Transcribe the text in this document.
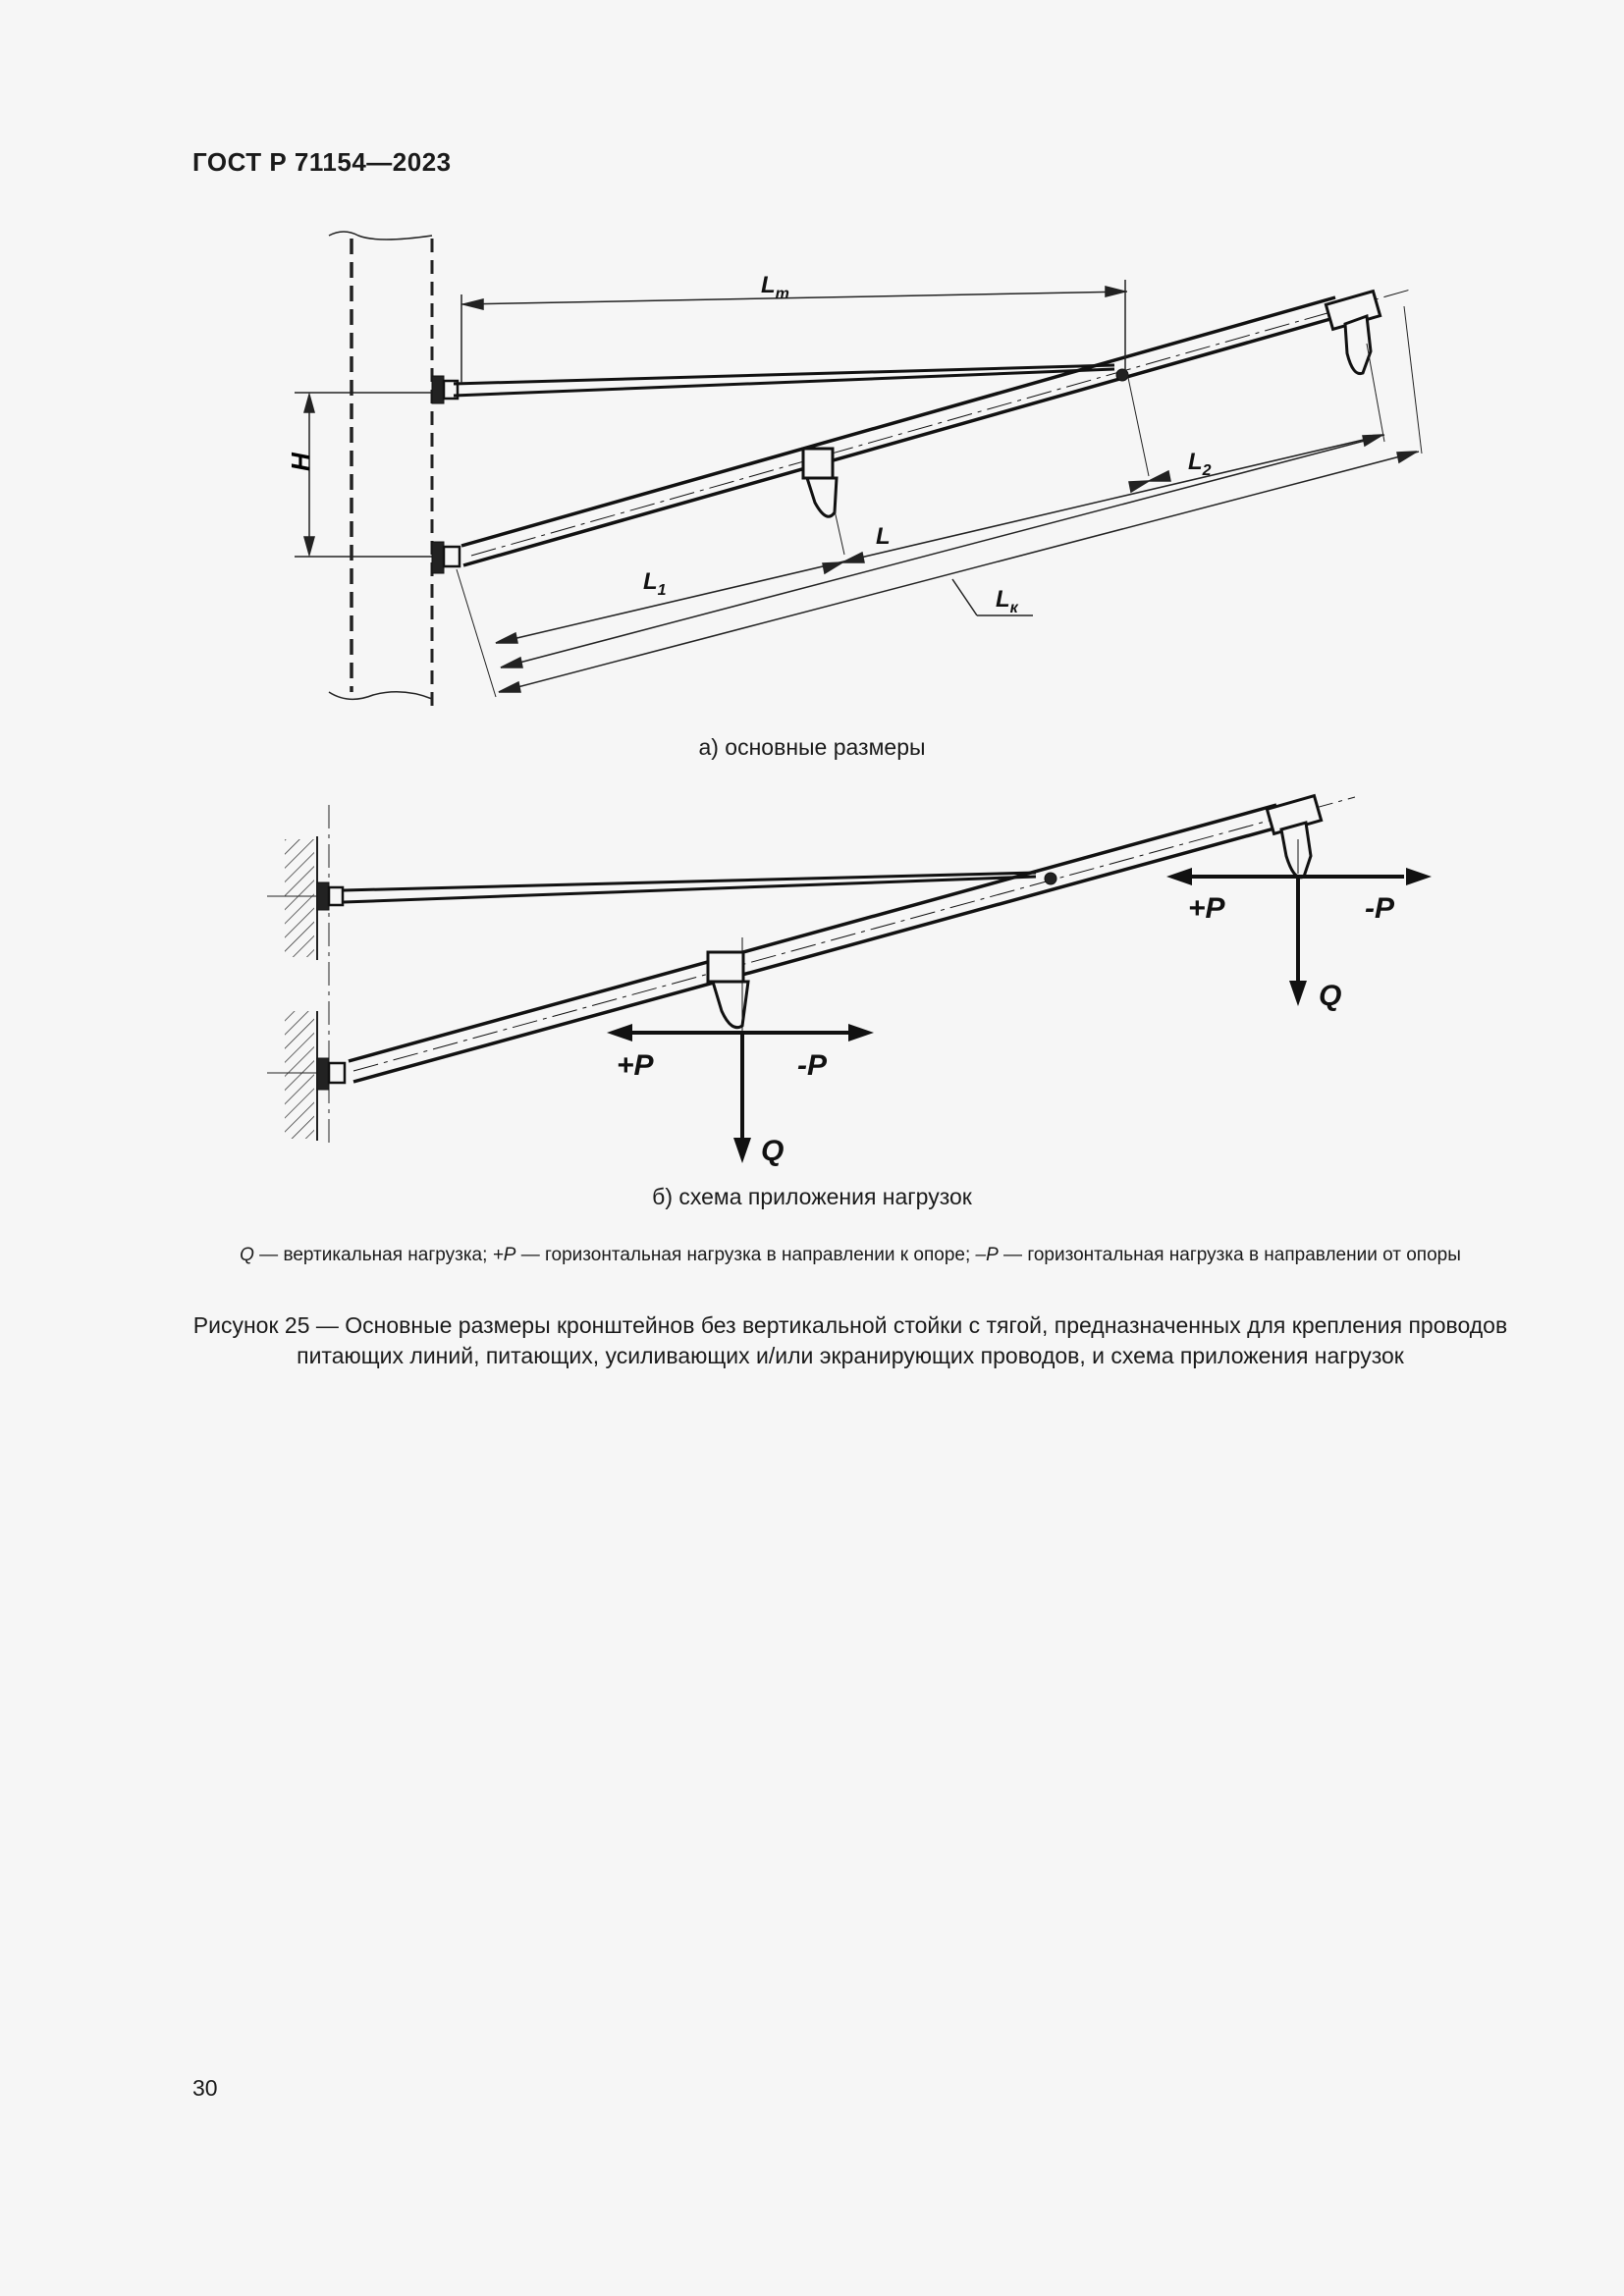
ГОСТ Р 71154—2023
H
$L_т$
$L_1$
$L_2$
L
$L_к$
а) основные размеры
+P	-P
Q
+P	-P
Q
б) схема приложения нагрузок
Q — вертикальная нагрузка; +P — горизонтальная нагрузка в направлении к опоре; –P — горизонтальная нагрузка в направлении от опоры
Рисунок 25 — Основные размеры кронштейнов без вертикальной стойки с тягой, предназначенных для крепления проводов питающих линий, питающих, усиливающих и/или экранирующих проводов, и схема приложения нагрузок
30
